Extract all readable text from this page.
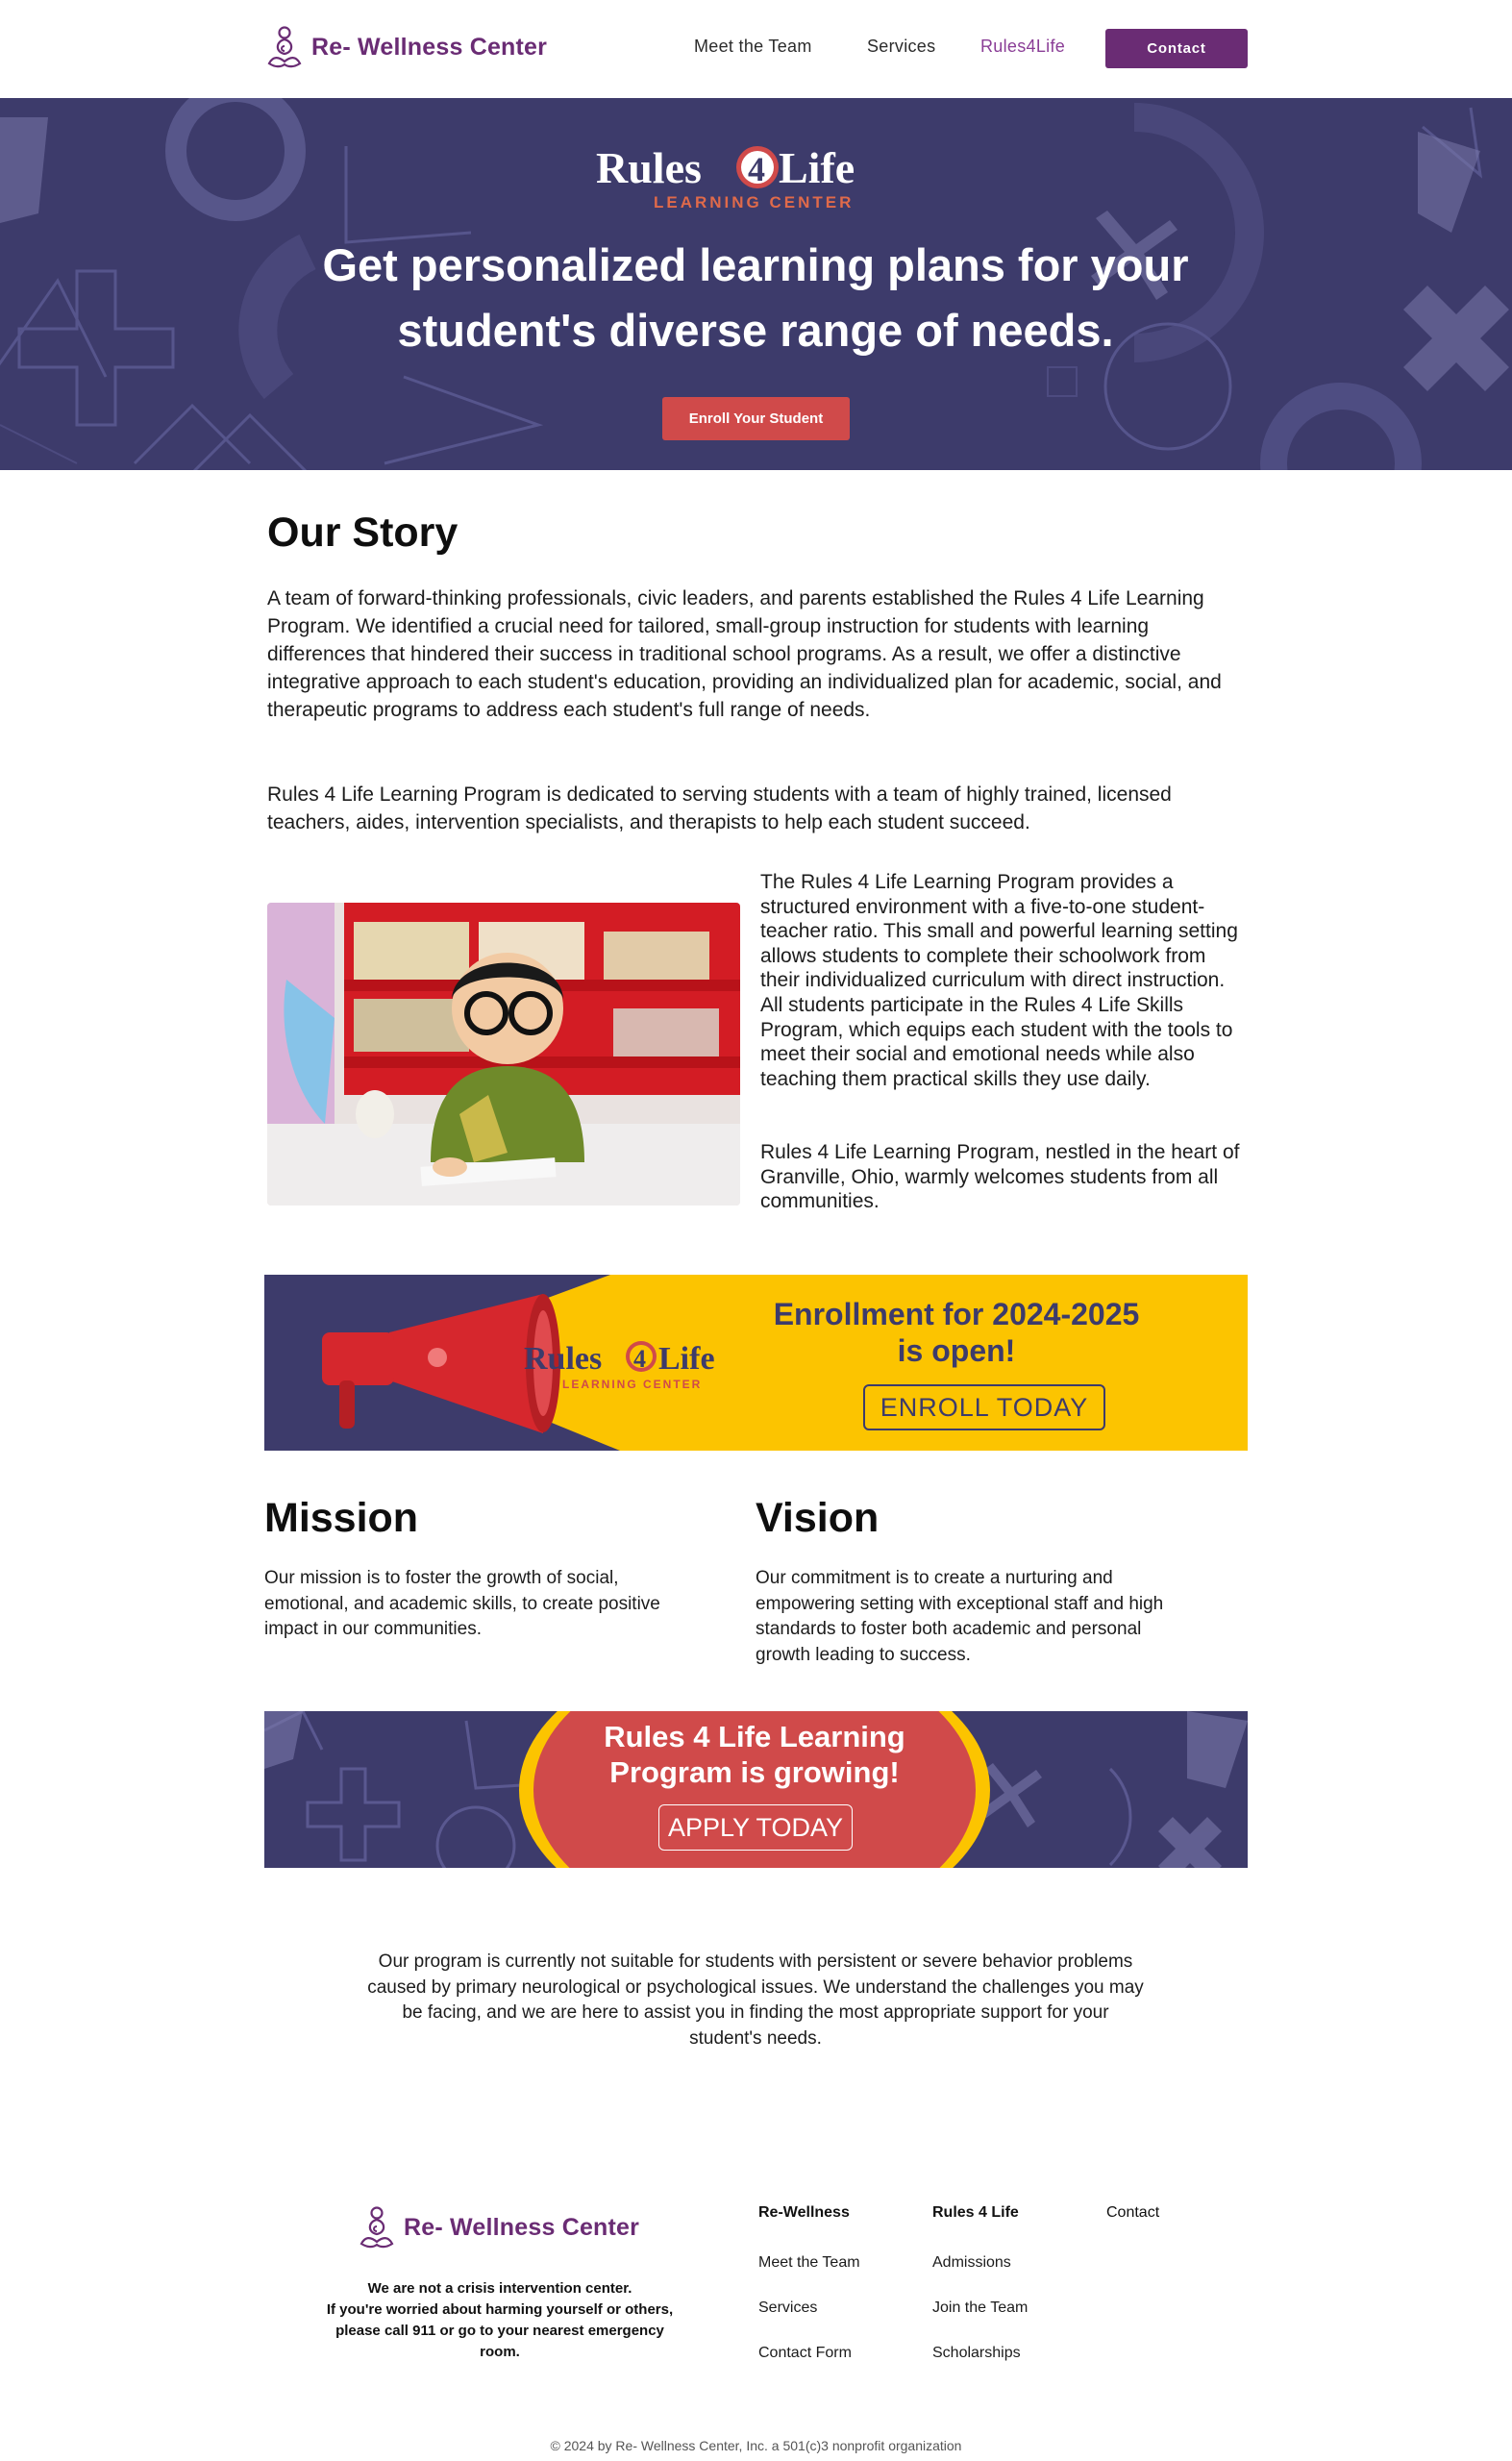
Re- Wellness Center	Meet the Team	Services	Rules4Life	Contact
Rules 4 Life
LEARNING CENTER
Get personalized learning plans for your
student's diverse range of needs.
Enroll Your Student
Our Story
A team of forward-thinking professionals, civic leaders, and parents established the Rules 4 Life Learning Program. We identified a crucial need for tailored, small-group instruction for students with learning differences that hindered their success in traditional school programs. As a result, we offer a distinctive integrative approach to each student's education, providing an individualized plan for academic, social, and therapeutic programs to address each student's full range of needs.
Rules 4 Life Learning Program is dedicated to serving students with a team of highly trained, licensed teachers, aides, intervention specialists, and therapists to help each student succeed.
The Rules 4 Life Learning Program provides a structured environment with a five-to-one student-teacher ratio. This small and powerful learning setting allows students to complete their schoolwork from their individualized curriculum with direct instruction. All students participate in the Rules 4 Life Skills Program, which equips each student with the tools to meet their social and emotional needs while also teaching them practical skills they use daily.
Rules 4 Life Learning Program, nestled in the heart of Granville, Ohio, warmly welcomes students from all communities.
Rules 4 Life
LEARNING CENTER
Enrollment for 2024-2025
is open!
ENROLL TODAY
Mission
Our mission is to foster the growth of social, emotional, and academic skills, to create positive impact in our communities.
Vision
Our commitment is to create a nurturing and empowering setting with exceptional staff and high standards to foster both academic and personal growth leading to success.
Rules 4 Life Learning
Program is growing!
APPLY TODAY
Our program is currently not suitable for students with persistent or severe behavior problems caused by primary neurological or psychological issues. We understand the challenges you may be facing, and we are here to assist you in finding the most appropriate support for your student's needs.
Re- Wellness Center
We are not a crisis intervention center.
If you're worried about harming yourself or others, please call 911 or go to your nearest emergency room.
Re-Wellness
Meet the Team
Services
Contact Form
Rules 4 Life
Admissions
Join the Team
Scholarships
Contact
© 2024 by Re- Wellness Center, Inc. a 501(c)3 nonprofit organization
